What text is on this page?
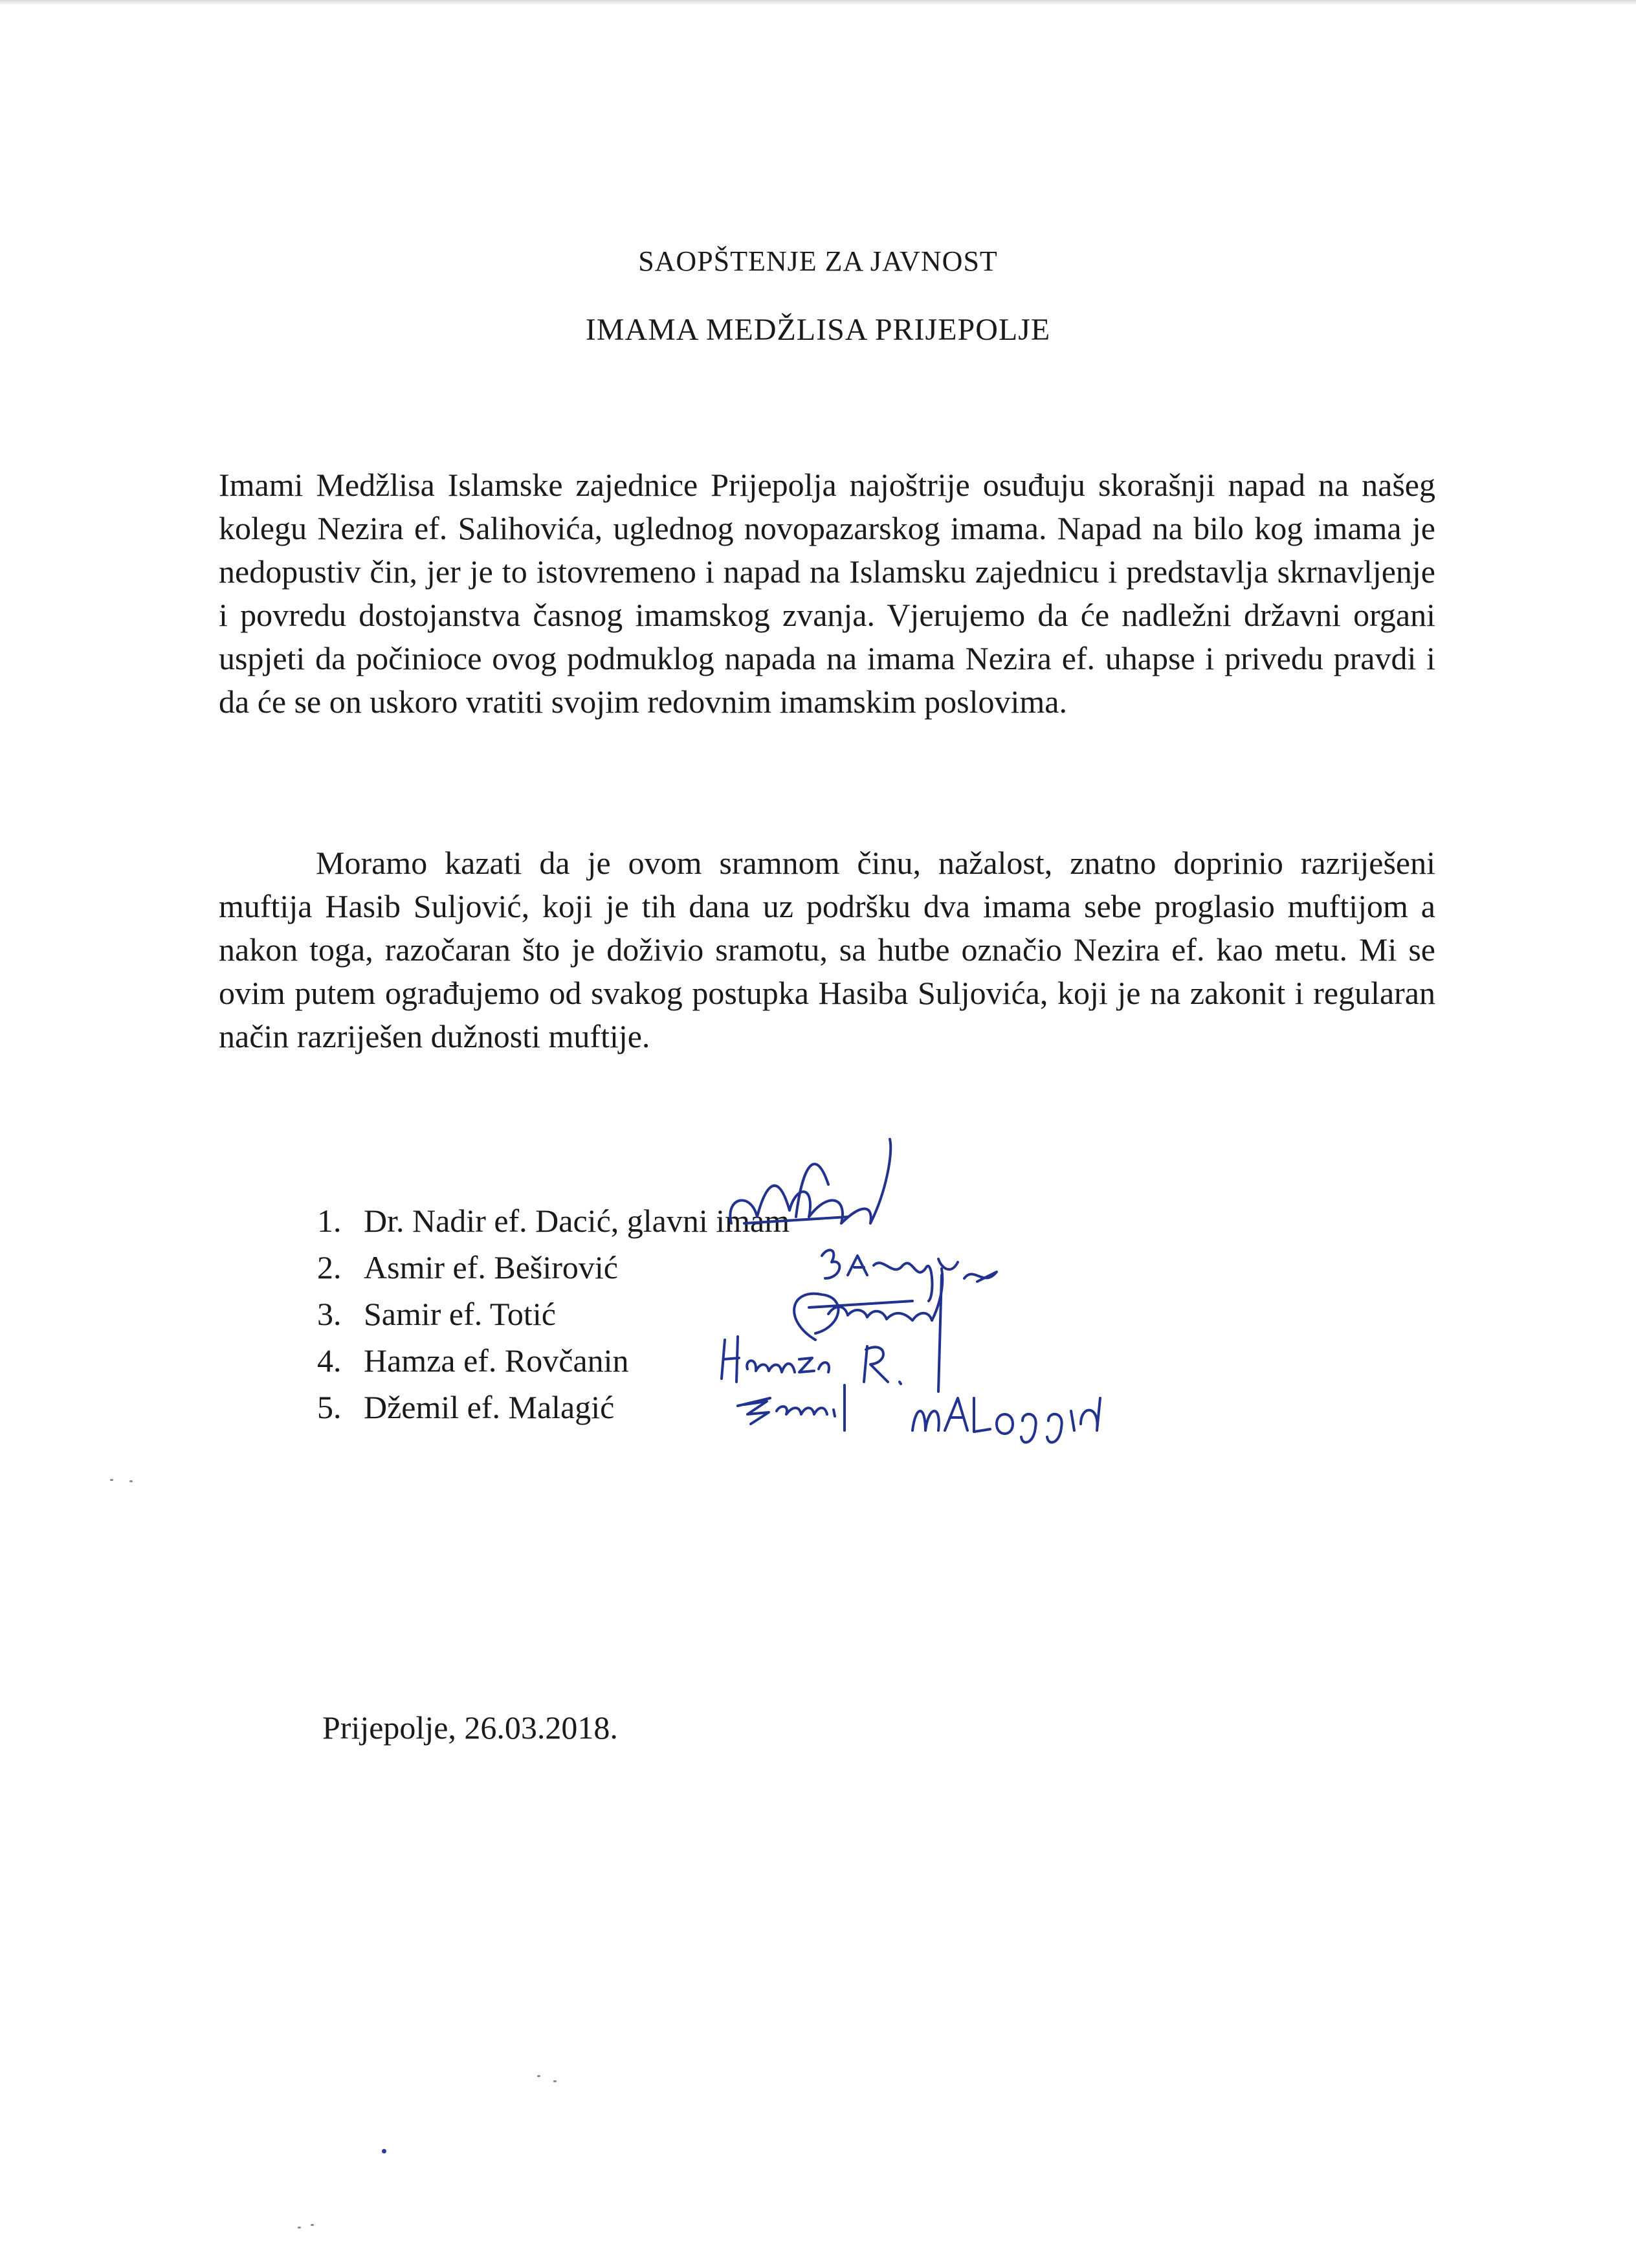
SAOPŠTENJE ZA JAVNOST
IMAMA MEDŽLISA PRIJEPOLJE
Imami Medžlisa Islamske zajednice Prijepolja najoštrije osuđuju skorašnji napad na našeg kolegu Nezira ef. Salihovića, uglednog novopazarskog imama. Napad na bilo kog imama je nedopustiv čin, jer je to istovremeno i napad na Islamsku zajednicu i predstavlja skrnavljenje i povredu dostojanstva časnog imamskog zvanja. Vjerujemo da će nadležni državni organi uspjeti da počinioce ovog podmuklog napada na imama Nezira ef. uhapse i privedu pravdi i da će se on uskoro vratiti svojim redovnim imamskim poslovima.
Moramo kazati da je ovom sramnom činu, nažalost, znatno doprinio razriješeni muftija Hasib Suljović, koji je tih dana uz podršku dva imama sebe proglasio muftijom a nakon toga, razočaran što je doživio sramotu, sa hutbe označio Nezira ef. kao metu. Mi se ovim putem ograđujemo od svakog postupka Hasiba Suljovića, koji je na zakonit i regularan način razriješen dužnosti muftije.
1. Dr. Nadir ef. Dacić, glavni imam
2. Asmir ef. Beširović
3. Samir ef. Totić
4. Hamza ef. Rovčanin
5. Džemil ef. Malagić
Prijepolje, 26.03.2018.
